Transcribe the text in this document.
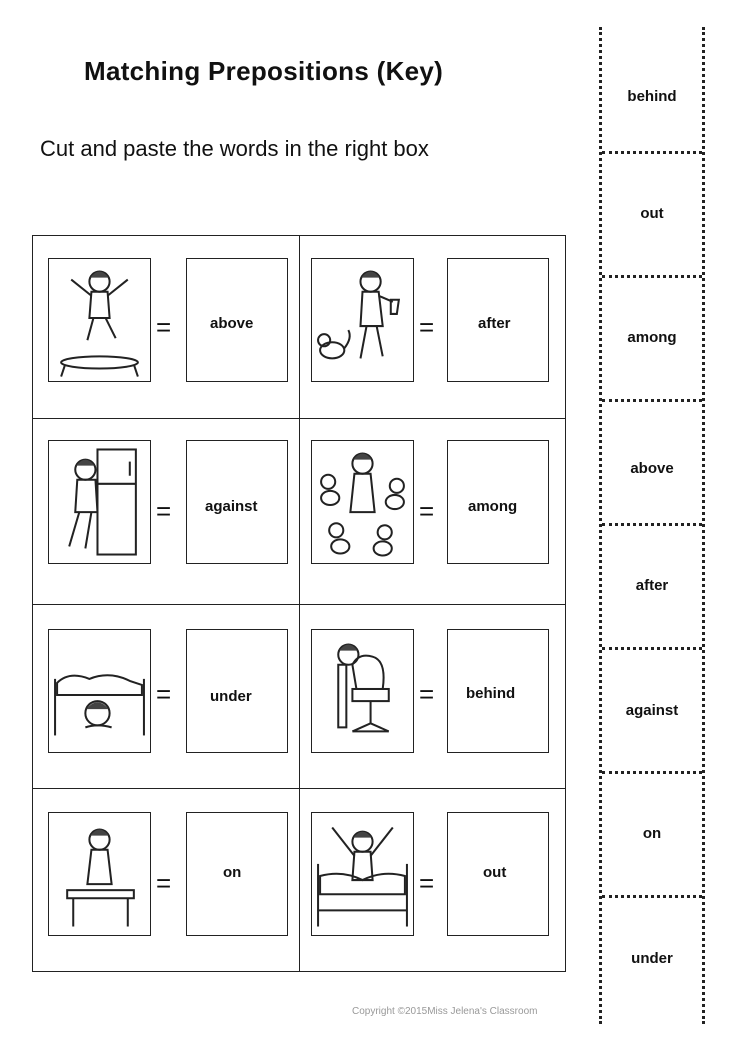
Matching Prepositions (Key)
Cut and paste the words in the right box
=	above	=	after
= against	= among
=	under	= behind
=	on	=	out
behind
out
among
above
after
against
on
under
Copyright ©2015Miss Jelena's Classroom
